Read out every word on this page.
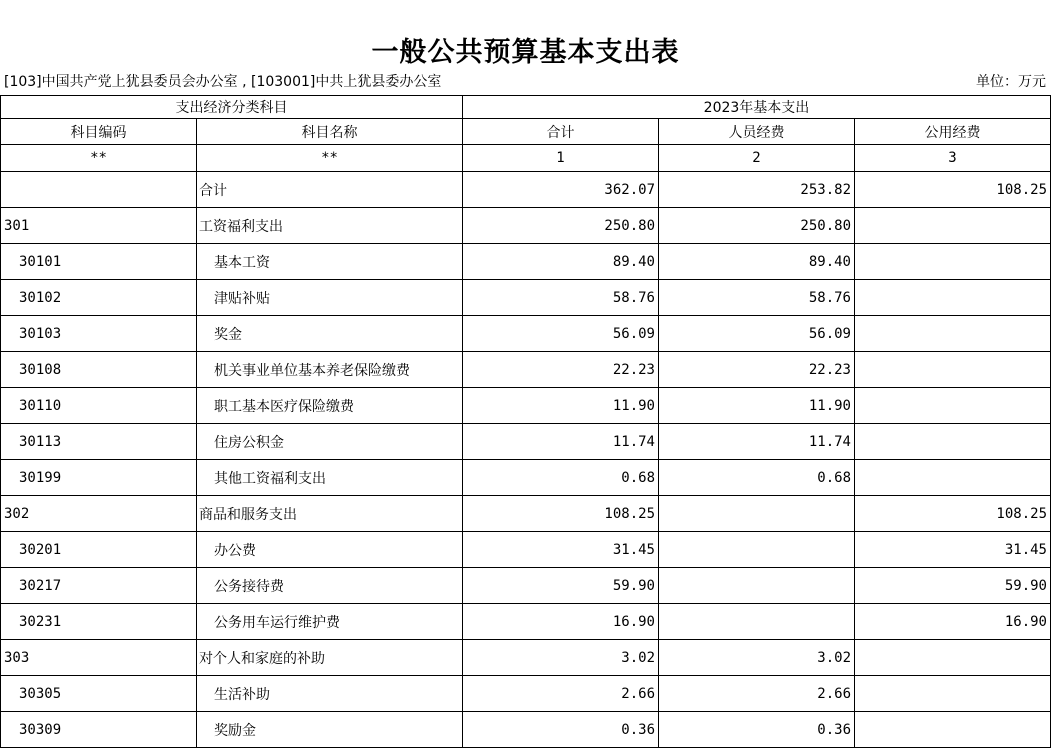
一般公共预算基本支出表
[103]中国共产党上犹县委员会办公室 , [103001]中共上犹县委办公室	单位：万元
支出经济分类科目		2023年基本支出		
科目编码	科目名称	合计	人员经费	公用经费
**	**	1	2	3
	合计	362.07	253.82	108.25
301	工资福利支出	250.80	250.80	
30101	基本工资	89.40	89.40	
30102	津贴补贴	58.76	58.76	
30103	奖金	56.09	56.09	
30108	机关事业单位基本养老保险缴费	22.23	22.23	
30110	职工基本医疗保险缴费	11.90	11.90	
30113	住房公积金	11.74	11.74	
30199	其他工资福利支出	0.68	0.68	
302	商品和服务支出	108.25		108.25
30201	办公费	31.45		31.45
30217	公务接待费	59.90		59.90
30231	公务用车运行维护费	16.90		16.90
303	对个人和家庭的补助	3.02	3.02	
30305	生活补助	2.66	2.66	
30309	奖励金	0.36	0.36	
